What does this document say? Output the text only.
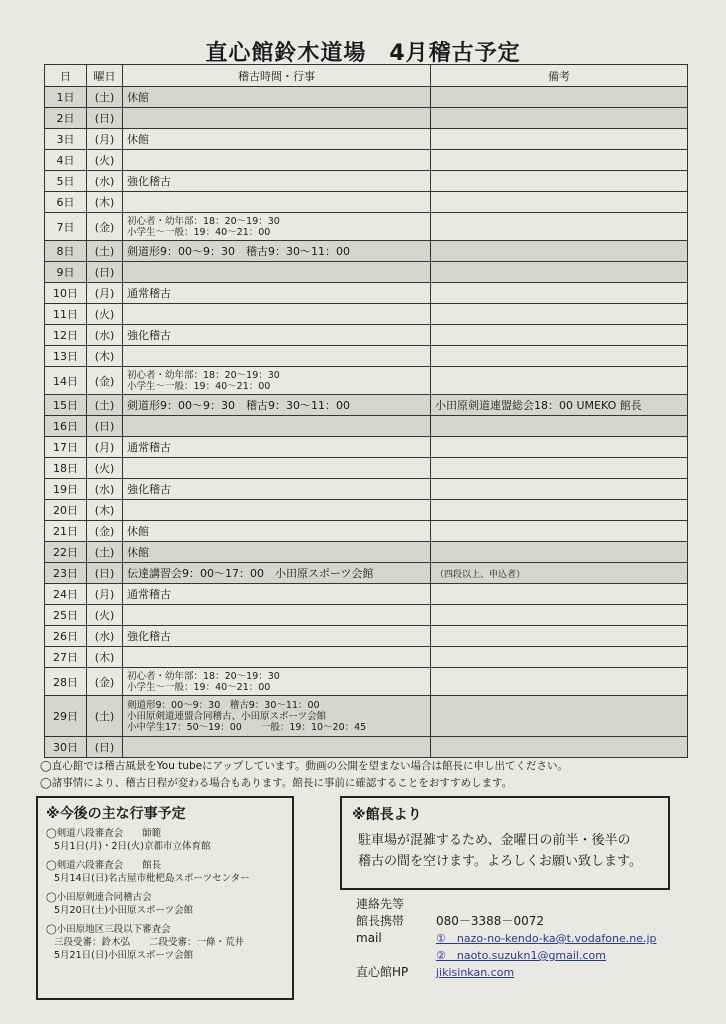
直心館鈴木道場　4月稽古予定
日	曜日	稽古時間・行事	備考
1日	(土)	休館	
2日	(日)		
3日	(月)	休館	
4日	(火)		
5日	(水)	強化稽古	
6日	(木)		
7日	(金)	初心者・幼年部：18：20～19：30
小学生～一般：19：40～21：00	

8日	(土)	剣道形9：00～9：30　稽古9：30～11：00	
9日	(日)		
10日	(月)	通常稽古	
11日	(火)		
12日	(水)	強化稽古	
13日	(木)		
14日	(金)	初心者・幼年部：18：20～19：30
小学生～一般：19：40～21：00	

15日	(土)	剣道形9：00～9：30　稽古9：30～11：00	小田原剣道連盟総会18：00 UMEKO 館長
16日	(日)		
17日	(月)	通常稽古	
18日	(火)		
19日	(水)	強化稽古	
20日	(木)		
21日	(金)	休館	
22日	(土)	休館	
23日	(日)	伝達講習会9：00～17：00　小田原スポーツ会館	（四段以上、申込者）
24日	(月)	通常稽古	
25日	(火)		
26日	(水)	強化稽古	
27日	(木)		
28日	(金)	初心者・幼年部：18：20～19：30
小学生～一般：19：40～21：00	

29日	(土)	剣道形9：00～9：30　稽古9：30～11：00
小田原剣道連盟合同稽古、小田原スポーツ会館
小中学生17：50～19：00　　一般：19：10～20：45	

30日	(日)		
◯直心館では稽古風景をYou tubeにアップしています。動画の公開を望まない場合は館長に申し出てください。
◯諸事情により、稽古日程が変わる場合もあります。館長に事前に確認することをおすすめします。
※今後の主な行事予定
◯剣道八段審査会　　師範
5月1日(月)・2日(火)京都市立体育館
◯剣道六段審査会　　館長
5月14日(日)名古屋市枇杷島スポーツセンター
◯小田原剣連合同稽古会
5月20日(土)小田原スポーツ会館
◯小田原地区三段以下審査会
三段受審：鈴木弘　　二段受審：一條・荒井
5月21日(日)小田原スポーツ会館
※館長より
駐車場が混雑するため、金曜日の前半・後半の
稽古の間を空けます。よろしくお願い致します。
連絡先等
館長携帯	080－3388－0072
mail	①　nazo-no-kendo-ka@t.vodafone.ne.jp
②　naoto.suzukn1@gmail.com
直心館HP	jikisinkan.com
